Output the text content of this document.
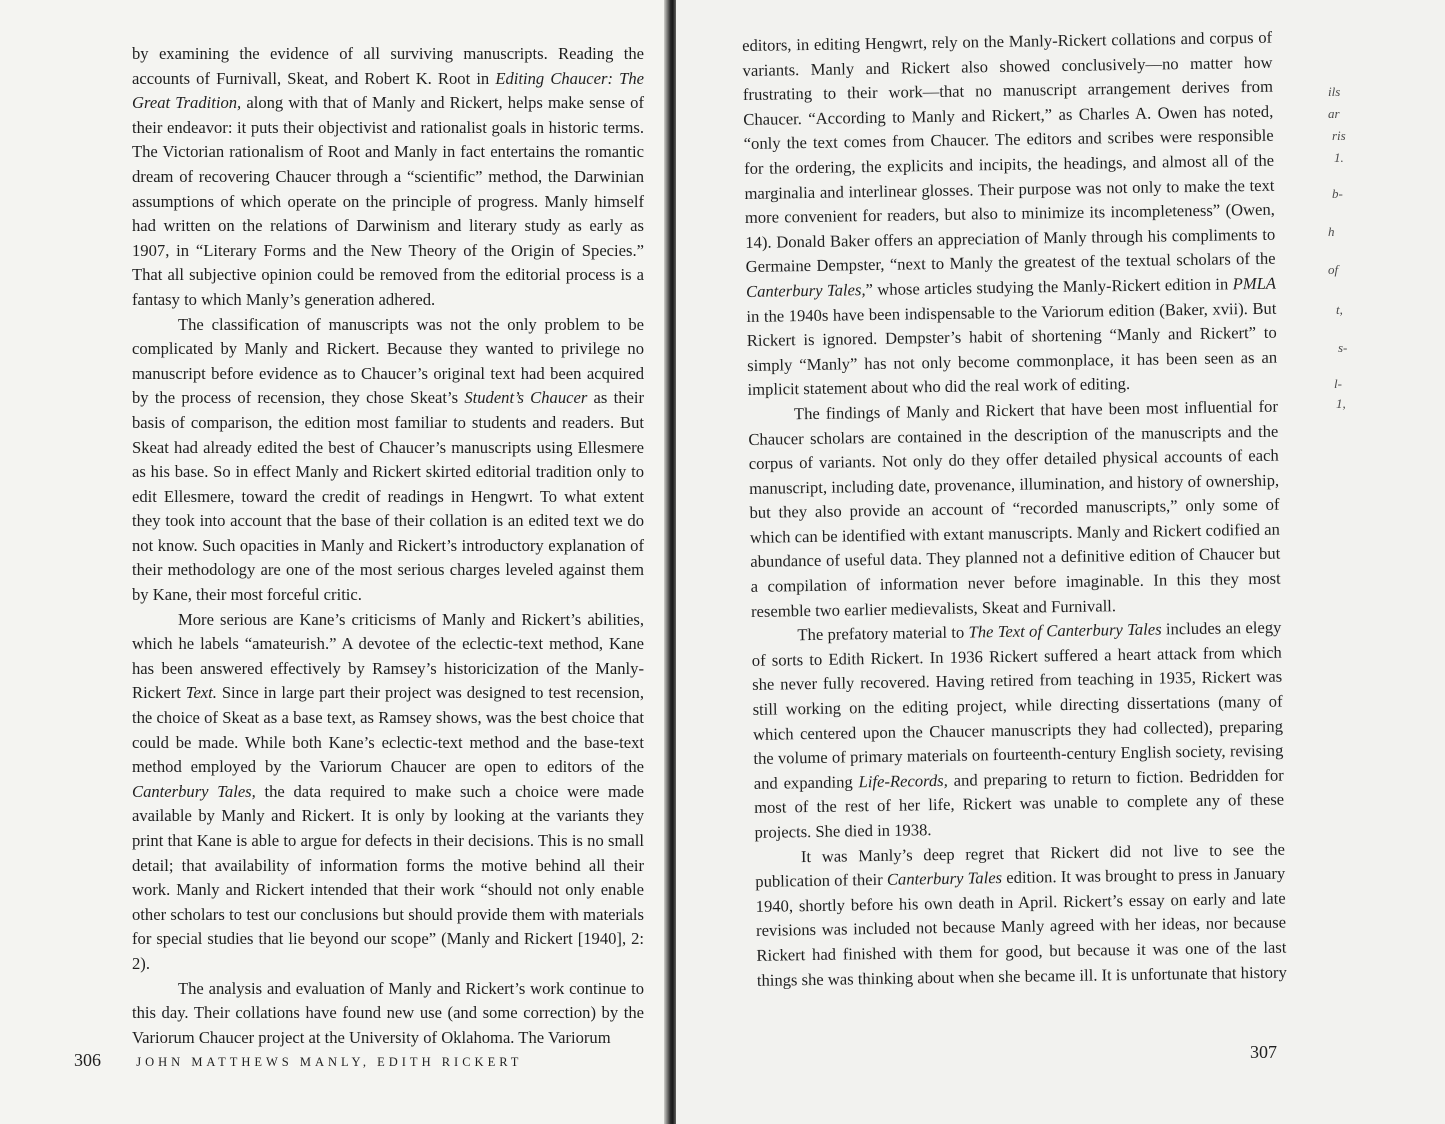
by examining the evidence of all surviving manuscripts. Reading the accounts of Furnivall, Skeat, and Robert K. Root in Editing Chaucer: The Great Tradition, along with that of Manly and Rickert, helps make sense of their endeavor: it puts their objectivist and rationalist goals in historic terms. The Victorian rationalism of Root and Manly in fact entertains the romantic dream of recovering Chaucer through a “scientific” method, the Darwinian assumptions of which operate on the principle of progress. Manly himself had written on the relations of Darwinism and literary study as early as 1907, in “Literary Forms and the New Theory of the Origin of Species.” That all subjective opinion could be removed from the editorial process is a fantasy to which Manly’s generation adhered.

The classification of manuscripts was not the only problem to be complicated by Manly and Rickert. Because they wanted to privilege no manuscript before evidence as to Chaucer’s original text had been acquired by the process of recension, they chose Skeat’s Student’s Chaucer as their basis of comparison, the edition most familiar to students and readers. But Skeat had already edited the best of Chaucer’s manuscripts using Ellesmere as his base. So in effect Manly and Rickert skirted editorial tradition only to edit Ellesmere, toward the credit of readings in Hengwrt. To what extent they took into account that the base of their collation is an edited text we do not know. Such opacities in Manly and Rickert’s introductory explanation of their methodology are one of the most serious charges leveled against them by Kane, their most forceful critic.

More serious are Kane’s criticisms of Manly and Rickert’s abilities, which he labels “amateurish.” A devotee of the eclectic-text method, Kane has been answered effectively by Ramsey’s historicization of the Manly-Rickert Text. Since in large part their project was designed to test recension, the choice of Skeat as a base text, as Ramsey shows, was the best choice that could be made. While both Kane’s eclectic-text method and the base-text method employed by the Variorum Chaucer are open to editors of the Canterbury Tales, the data required to make such a choice were made available by Manly and Rickert. It is only by looking at the variants they print that Kane is able to argue for defects in their decisions. This is no small detail; that availability of information forms the motive behind all their work. Manly and Rickert intended that their work “should not only enable other scholars to test our conclusions but should provide them with materials for special studies that lie beyond our scope” (Manly and Rickert [1940], 2: 2).

The analysis and evaluation of Manly and Rickert’s work continue to this day. Their collations have found new use (and some correction) by the Variorum Chaucer project at the University of Oklahoma. The Variorum

306	JOHN MATTHEWS MANLY, EDITH RICKERT

editors, in editing Hengwrt, rely on the Manly-Rickert collations and corpus of variants. Manly and Rickert also showed conclusively—no matter how frustrating to their work—that no manuscript arrangement derives from Chaucer. “According to Manly and Rickert,” as Charles A. Owen has noted, “only the text comes from Chaucer. The editors and scribes were responsible for the ordering, the explicits and incipits, the headings, and almost all of the marginalia and interlinear glosses. Their purpose was not only to make the text more convenient for readers, but also to minimize its incompleteness” (Owen, 14). Donald Baker offers an appreciation of Manly through his compliments to Germaine Dempster, “next to Manly the greatest of the textual scholars of the Canterbury Tales,” whose articles studying the Manly-Rickert edition in PMLA in the 1940s have been indispensable to the Variorum edition (Baker, xvii). But Rickert is ignored. Dempster’s habit of shortening “Manly and Rickert” to simply “Manly” has not only become commonplace, it has been seen as an implicit statement about who did the real work of editing.

The findings of Manly and Rickert that have been most influential for Chaucer scholars are contained in the description of the manuscripts and the corpus of variants. Not only do they offer detailed physical accounts of each manuscript, including date, provenance, illumination, and history of ownership, but they also provide an account of “recorded manuscripts,” only some of which can be identified with extant manuscripts. Manly and Rickert codified an abundance of useful data. They planned not a definitive edition of Chaucer but a compilation of information never before imaginable. In this they most resemble two earlier medievalists, Skeat and Furnivall.

The prefatory material to The Text of Canterbury Tales includes an elegy of sorts to Edith Rickert. In 1936 Rickert suffered a heart attack from which she never fully recovered. Having retired from teaching in 1935, Rickert was still working on the editing project, while directing dissertations (many of which centered upon the Chaucer manuscripts they had collected), preparing the volume of primary materials on fourteenth-century English society, revising and expanding Life-Records, and preparing to return to fiction. Bedridden for most of the rest of her life, Rickert was unable to complete any of these projects. She died in 1938.

It was Manly’s deep regret that Rickert did not live to see the publication of their Canterbury Tales edition. It was brought to press in January 1940, shortly before his own death in April. Rickert’s essay on early and late revisions was included not because Manly agreed with her ideas, nor because Rickert had finished with them for good, but because it was one of the last things she was thinking about when she became ill. It is unfortunate that history

307
ils
ar
ris
1.
b-
h
of
t,
s-
l-
1,
